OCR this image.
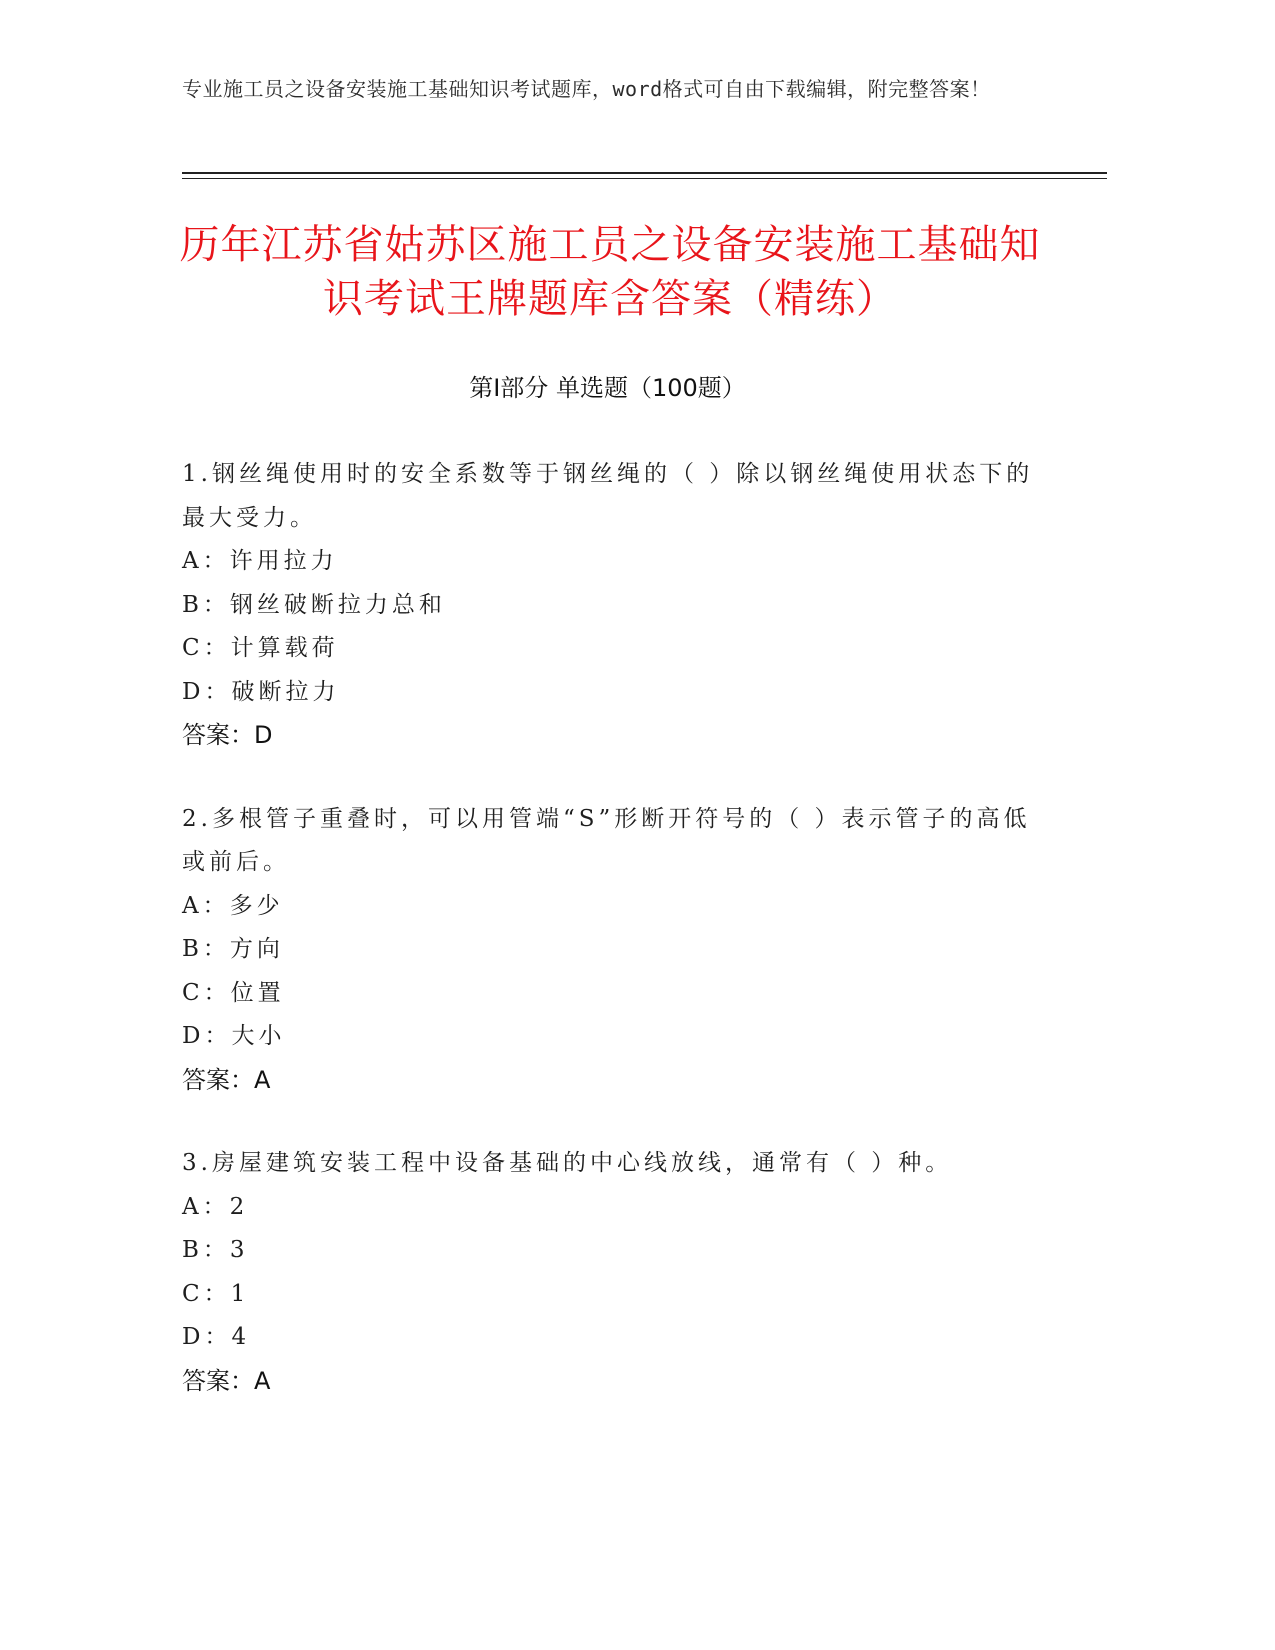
专业施工员之设备安装施工基础知识考试题库，word格式可自由下载编辑，附完整答案！
历年江苏省姑苏区施工员之设备安装施工基础知识考试王牌题库含答案（精练）
第Ⅰ部分 单选题（100题）
1.钢丝绳使用时的安全系数等于钢丝绳的（ ）除以钢丝绳使用状态下的最大受力。
A：许用拉力
B：钢丝破断拉力总和
C：计算载荷
D：破断拉力
答案：D
2.多根管子重叠时，可以用管端“S”形断开符号的（ ）表示管子的高低或前后。
A：多少
B：方向
C：位置
D：大小
答案：A
3.房屋建筑安装工程中设备基础的中心线放线，通常有（ ）种。
A：2
B：3
C：1
D：4
答案：A
